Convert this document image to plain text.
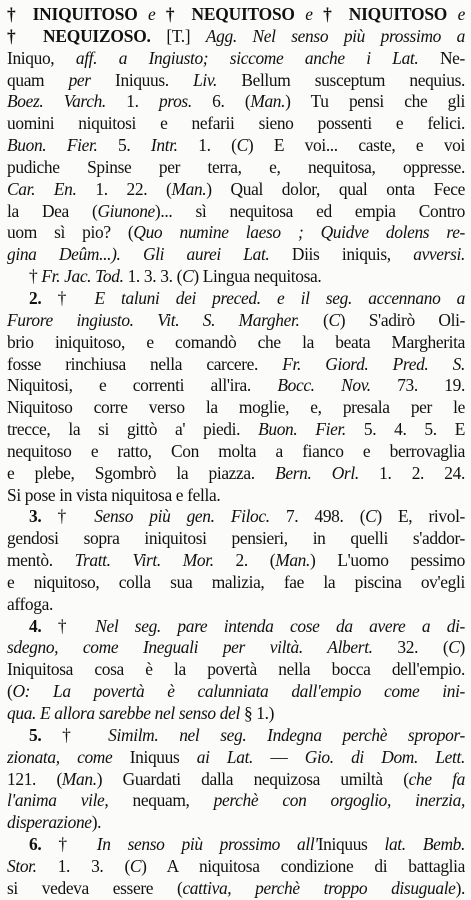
† INIQUITOSO e † NEQUITOSO e † NIQUITOSO e
† NEQUIZOSO. [T.] Agg. Nel senso più prossimo a
Iniquo, aff. a Ingiusto; siccome anche i Lat. Ne-
quam per Iniquus. Liv. Bellum susceptum nequius.
Boez. Varch. 1. pros. 6. (Man.) Tu pensi che gli
uomini niquitosi e nefarii sieno possenti e felici.
Buon. Fier. 5. Intr. 1. (C) E voi... caste, e voi
pudiche Spinse per terra, e, nequitosa, oppresse.
Car. En. 1. 22. (Man.) Qual dolor, qual onta Fece
la Dea (Giunone)... sì nequitosa ed empia Contro
uom sì pio? (Quo numine laeso ; Quidve dolens re-
gina Deûm...). Gli aurei Lat. Diis iniquis, avversi.
† Fr. Jac. Tod. 1. 3. 3. (C) Lingua nequitosa.
2. † E taluni dei preced. e il seg. accennano a
Furore ingiusto. Vit. S. Margher. (C) S'adirò Oli-
brio iniquitoso, e comandò che la beata Margherita
fosse rinchiusa nella carcere. Fr. Giord. Pred. S.
Niquitosi, e correnti all'ira. Bocc. Nov. 73. 19.
Niquitoso corre verso la moglie, e, presala per le
trecce, la si gittò a' piedi. Buon. Fier. 5. 4. 5. E
nequitoso e ratto, Con molta a fianco e berrovaglia
e plebe, Sgombrò la piazza. Bern. Orl. 1. 2. 24.
Si pose in vista niquitosa e fella.
3. † Senso più gen. Filoc. 7. 498. (C) E, rivol-
gendosi sopra iniquitosi pensieri, in quelli s'addor-
mentò. Tratt. Virt. Mor. 2. (Man.) L'uomo pessimo
e niquitoso, colla sua malizia, fae la piscina ov'egli
affoga.
4. † Nel seg. pare intenda cose da avere a di-
sdegno, come Ineguali per viltà. Albert. 32. (C)
Iniquitosa cosa è la povertà nella bocca dell'empio.
(O: La povertà è calunniata dall'empio come ini-
qua. E allora sarebbe nel senso del § 1.)
5. † Similm. nel seg. Indegna perchè spropor-
zionata, come Iniquus ai Lat. — Gio. di Dom. Lett.
121. (Man.) Guardati dalla nequizosa umiltà (che fa
l'anima vile, nequam, perchè con orgoglio, inerzia,
disperazione).
6. † In senso più prossimo all'Iniquus lat. Bemb.
Stor. 1. 3. (C) A niquitosa condizione di battaglia
si vedeva essere (cattiva, perchè troppo disuguale).
